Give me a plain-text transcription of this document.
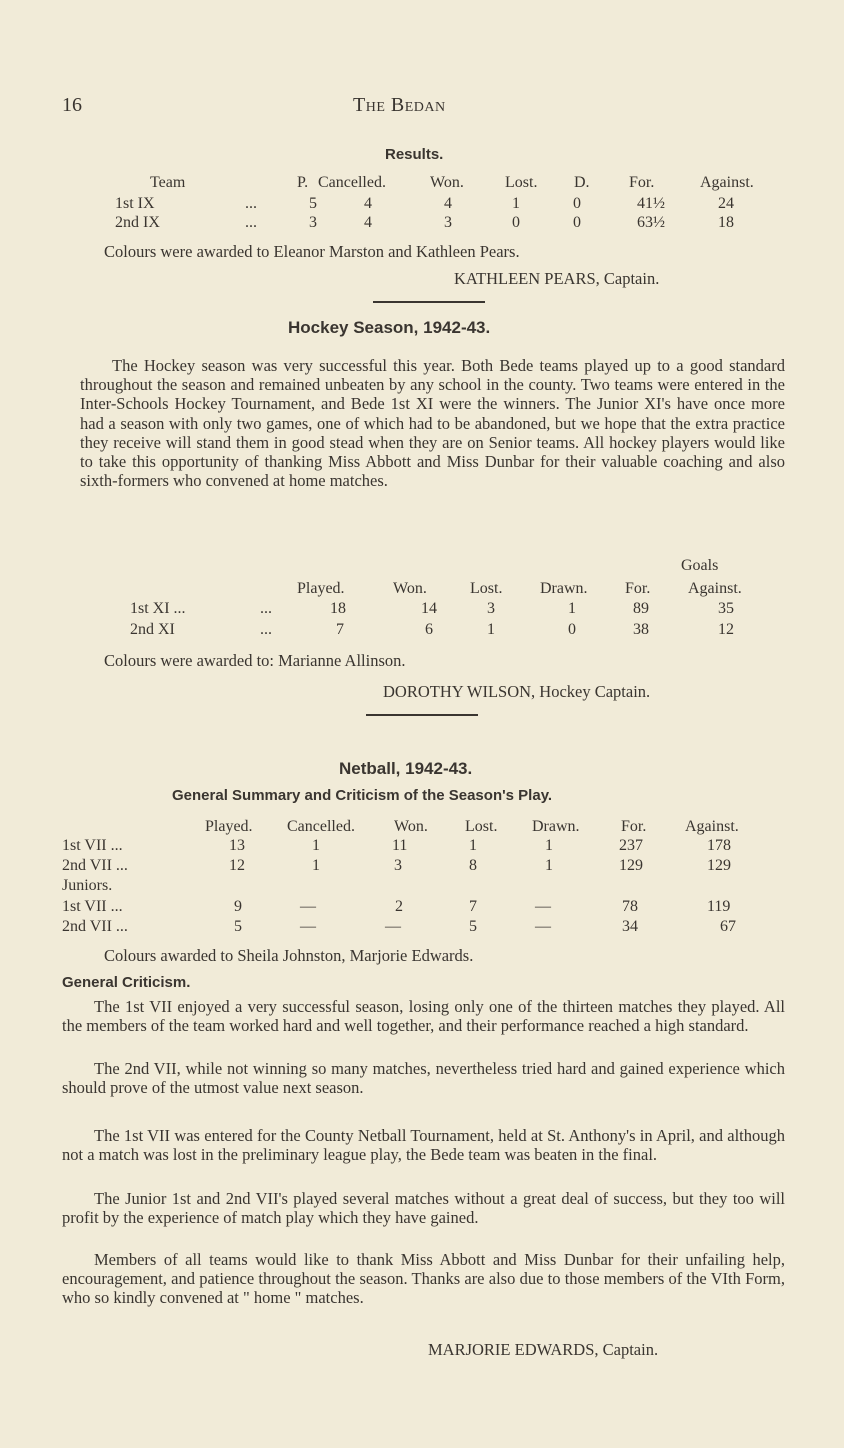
16	The Bedan
Results.
Team	P. Cancelled.	Won.	Lost. D. For.	Against.
1st IX	...	5	4	4	1	0	41½	24
2nd IX	...	3	4	3	0	0	63½	18
Colours were awarded to Eleanor Marston and Kathleen Pears.
KATHLEEN PEARS, Captain.
Hockey Season, 1942-43.

The Hockey season was very successful this year. Both Bede teams played up to a good standard throughout the season and remained unbeaten by any school in the county. Two teams were entered in the Inter-Schools Hockey Tournament, and Bede 1st XI were the winners. The Junior XI's have once more had a season with only two games, one of which had to be abandoned, but we hope that the extra practice they receive will stand them in good stead when they are on Senior teams. All hockey players would like to take this opportunity of thanking Miss Abbott and Miss Dunbar for their valuable coaching and also sixth-formers who convened at home matches.

Goals
Played.	Won.	Lost. Drawn. For. Against.
1st XI ...	...	18	14	3	1	89	35
2nd XI	...	7	6	1	0	38	12
Colours were awarded to: Marianne Allinson.
DOROTHY WILSON, Hockey Captain.
Netball, 1942-43.
General Summary and Criticism of the Season's Play.
Played. Cancelled. Won. Lost. Drawn.	For. Against.
1st VII ...	13	1	11	1	1	237	178
2nd VII ...	12	1	3	8	1	129	129
Juniors.
1st VII ...	9	—	2	7	—	78	119
2nd VII ...	5	—	—	5	—	34	67
Colours awarded to Sheila Johnston, Marjorie Edwards.
General Criticism.

The 1st VII enjoyed a very successful season, losing only one of the thirteen matches they played. All the members of the team worked hard and well together, and their performance reached a high standard.

The 2nd VII, while not winning so many matches, nevertheless tried hard and gained experience which should prove of the utmost value next season.

The 1st VII was entered for the County Netball Tournament, held at St. Anthony's in April, and although not a match was lost in the preliminary league play, the Bede team was beaten in the final.

The Junior 1st and 2nd VII's played several matches without a great deal of success, but they too will profit by the experience of match play which they have gained.

Members of all teams would like to thank Miss Abbott and Miss Dunbar for their unfailing help, encouragement, and patience throughout the season. Thanks are also due to those members of the VIth Form, who so kindly convened at " home " matches.

MARJORIE EDWARDS, Captain.
